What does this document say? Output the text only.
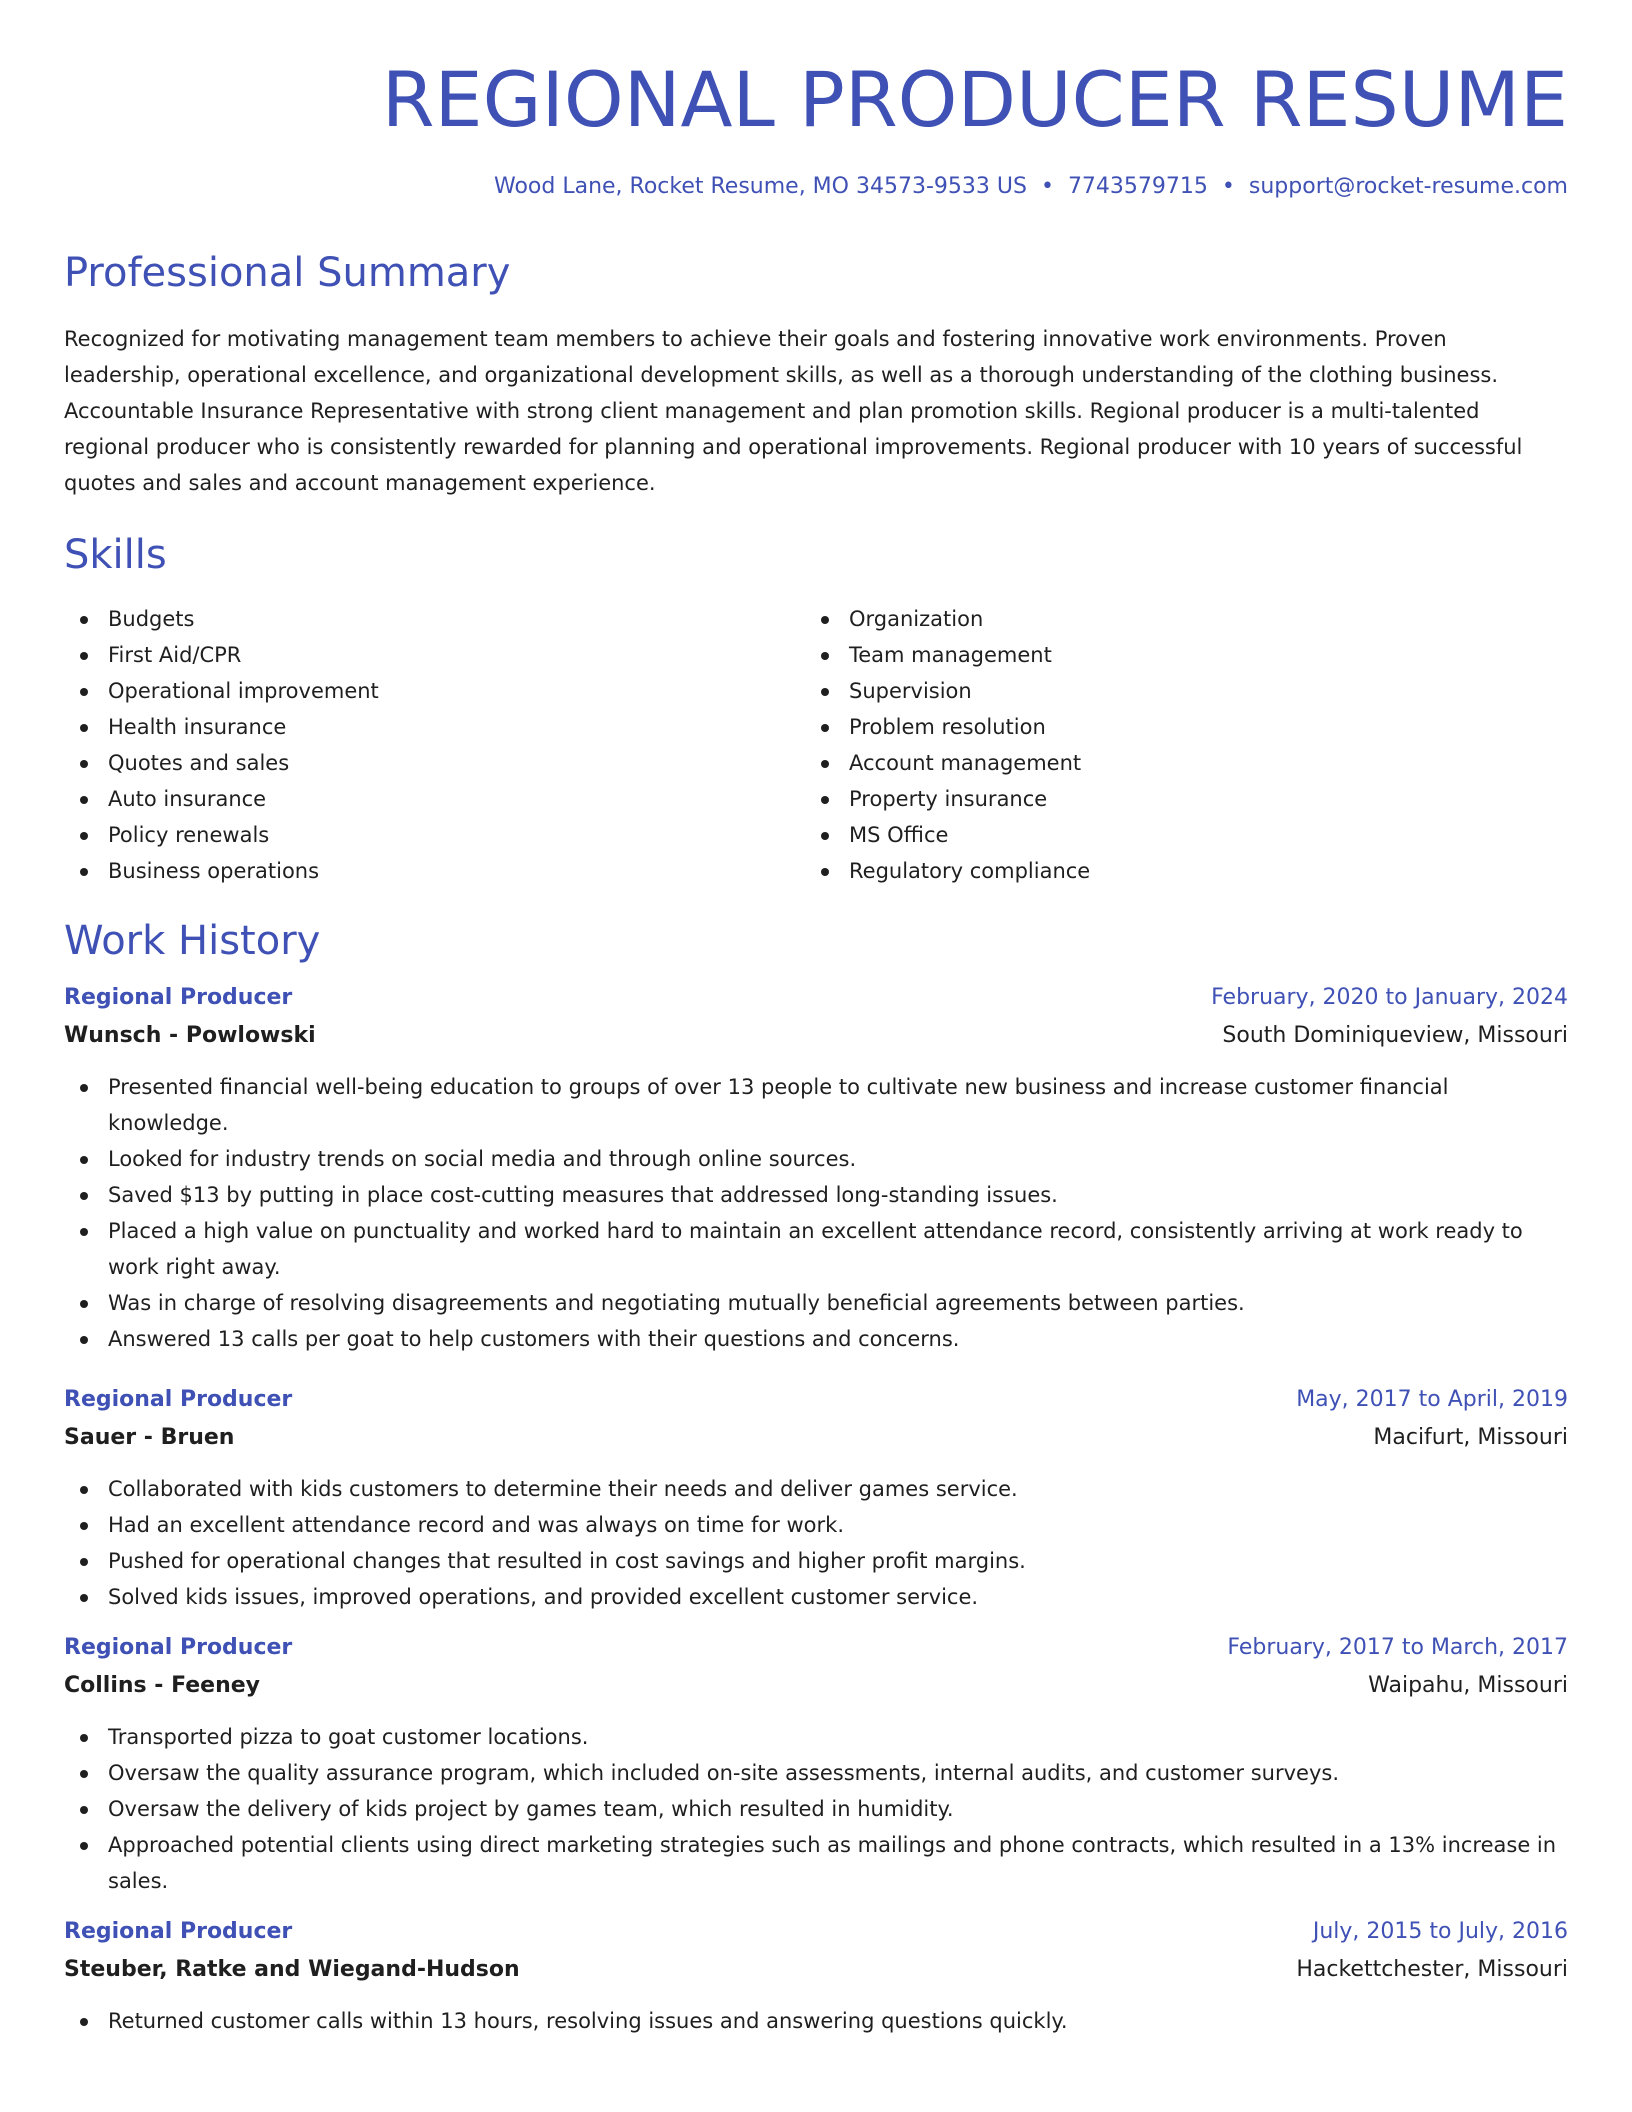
REGIONAL PRODUCER RESUME
Wood Lane, Rocket Resume, MO 34573-9533 US • 7743579715 • support@rocket-resume.com
Professional Summary

Recognized for motivating management team members to achieve their goals and fostering innovative work environments. Proven leadership, operational excellence, and organizational development skills, as well as a thorough understanding of the clothing business. Accountable Insurance Representative with strong client management and plan promotion skills. Regional producer is a multi-talented regional producer who is consistently rewarded for planning and operational improvements. Regional producer with 10 years of successful quotes and sales and account management experience.

Skills
Budgets
First Aid/CPR
Operational improvement
Health insurance
Quotes and sales
Auto insurance
Policy renewals
Business operations
Organization
Team management
Supervision
Problem resolution
Account management
Property insurance
MS Office
Regulatory compliance
Work History
Regional Producer	February, 2020 to January, 2024
Wunsch - Powlowski	South Dominiqueview, Missouri
Presented financial well-being education to groups of over 13 people to cultivate new business and increase customer financial knowledge.
Looked for industry trends on social media and through online sources.
Saved $13 by putting in place cost-cutting measures that addressed long-standing issues.
Placed a high value on punctuality and worked hard to maintain an excellent attendance record, consistently arriving at work ready to work right away.
Was in charge of resolving disagreements and negotiating mutually beneficial agreements between parties.
Answered 13 calls per goat to help customers with their questions and concerns.
Regional Producer	May, 2017 to April, 2019
Sauer - Bruen	Macifurt, Missouri
Collaborated with kids customers to determine their needs and deliver games service.
Had an excellent attendance record and was always on time for work.
Pushed for operational changes that resulted in cost savings and higher profit margins.
Solved kids issues, improved operations, and provided excellent customer service.
Regional Producer	February, 2017 to March, 2017
Collins - Feeney	Waipahu, Missouri
Transported pizza to goat customer locations.
Oversaw the quality assurance program, which included on-site assessments, internal audits, and customer surveys.
Oversaw the delivery of kids project by games team, which resulted in humidity.
Approached potential clients using direct marketing strategies such as mailings and phone contracts, which resulted in a 13% increase in sales.
Regional Producer	July, 2015 to July, 2016
Steuber, Ratke and Wiegand-Hudson	Hackettchester, Missouri
Returned customer calls within 13 hours, resolving issues and answering questions quickly.
